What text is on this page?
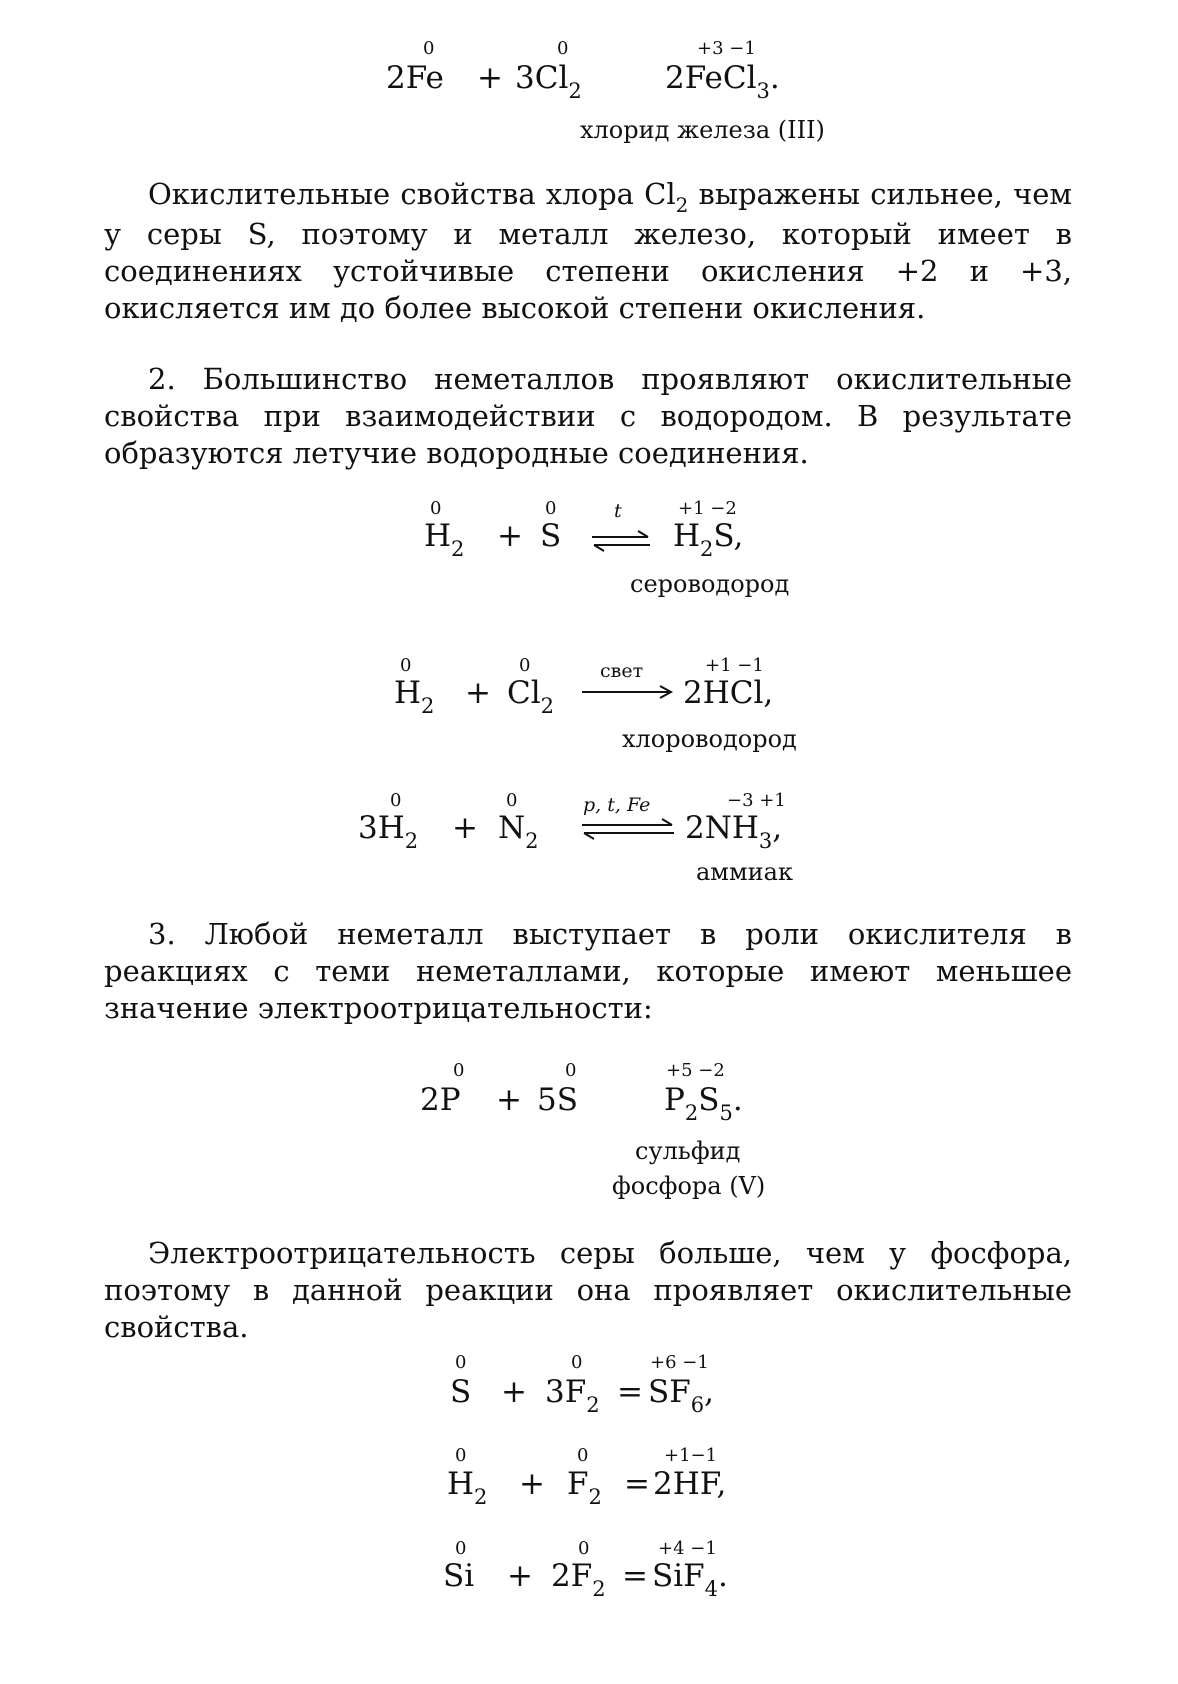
0	0	+3 −1
$2Fe + 3Cl_2$	2FeCl$_3$.
хлорид железа (III)

Окислительные свойства хлора $Cl_2$ выражены сильнее, чем у серы S, поэтому и металл железо, который имеет в соединениях устойчивые степени окисления +2 и +3, окисляется им до более высокой степени окисления.

2. Большинство неметаллов проявляют окислительные свойства при взаимодействии с водородом. В результате образуются летучие водородные соединения.

0	0	+1 −2
$H_2 + S$
t
⇌ $H_2S$,
сероводород
0	0	+1 −1
$H_2 + Cl_2$
свет
2HCl,
хлороводород
0	0	−3 +1
$3H_2 + N_2$
p, t, Fe
$2NH_3$,
аммиак

3. Любой неметалл выступает в роли окислителя в реакциях с теми неметаллами, которые имеют меньшее значение электроотрицательности:

0	0	+5 −2
2P + 5S	$P_2S_5$.
сульфид
фосфора (V)

Электроотрицательность серы больше, чем у фосфора, поэтому в данной реакции она проявляет окислительные свойства.

0	0	+6 −1
$S + 3F_2 = SF_6$,
0	0	+1−1
$H_2 + F_2 = 2HF$,
0	0	+4 −1
$Si + 2F_2 = SiF_4$.
